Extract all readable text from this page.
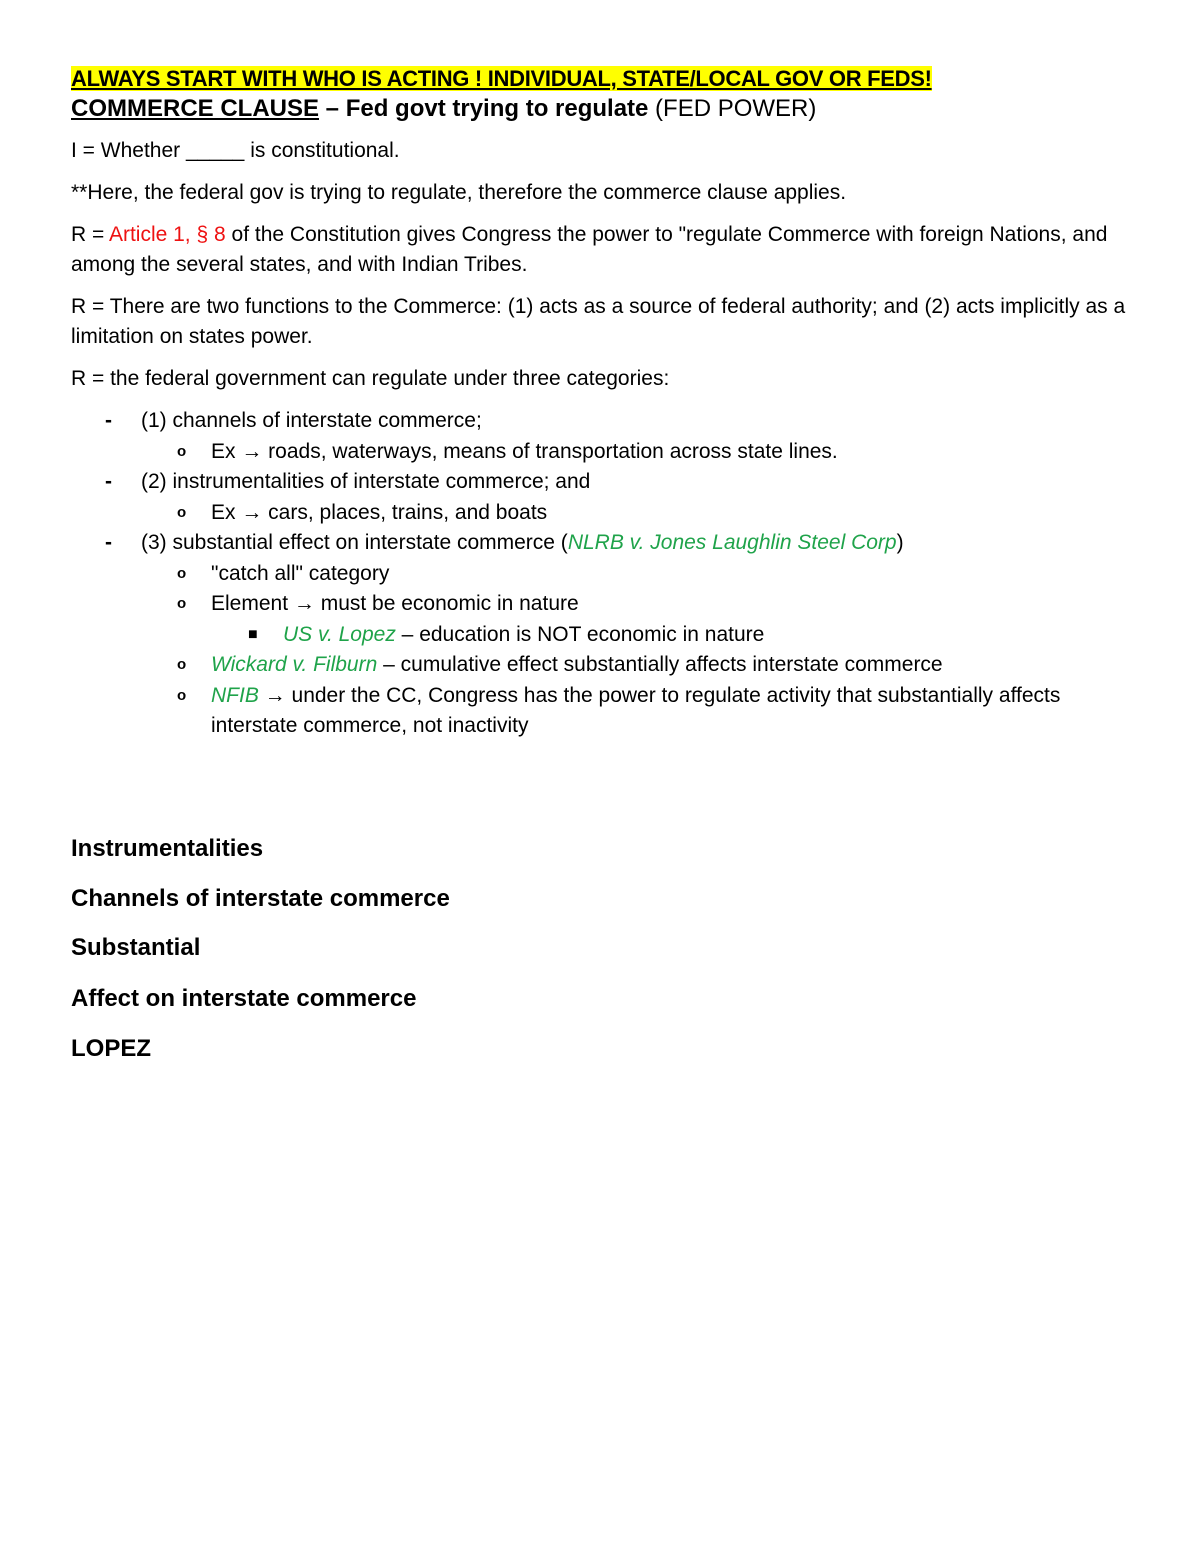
ALWAYS START WITH WHO IS ACTING ! INDIVIDUAL, STATE/LOCAL GOV OR FEDS!
COMMERCE CLAUSE – Fed govt trying to regulate (FED POWER)

I = Whether _____ is constitutional.

**Here, the federal gov is trying to regulate, therefore the commerce clause applies.

R = Article 1, § 8 of the Constitution gives Congress the power to "regulate Commerce with foreign Nations, and among the several states, and with Indian Tribes.

R = There are two functions to the Commerce: (1) acts as a source of federal authority; and (2) acts implicitly as a limitation on states power.

R = the federal government can regulate under three categories:

- (1) channels of interstate commerce;
o Ex → roads, waterways, means of transportation across state lines.
- (2) instrumentalities of interstate commerce; and
o Ex → cars, places, trains, and boats
- (3) substantial effect on interstate commerce (NLRB v. Jones Laughlin Steel Corp)
o "catch all" category
o Element → must be economic in nature
■ US v. Lopez – education is NOT economic in nature
o Wickard v. Filburn – cumulative effect substantially affects interstate commerce
o NFIB → under the CC, Congress has the power to regulate activity that substantially affects interstate commerce, not inactivity
Instrumentalities
Channels of interstate commerce
Substantial
Affect on interstate commerce
LOPEZ
